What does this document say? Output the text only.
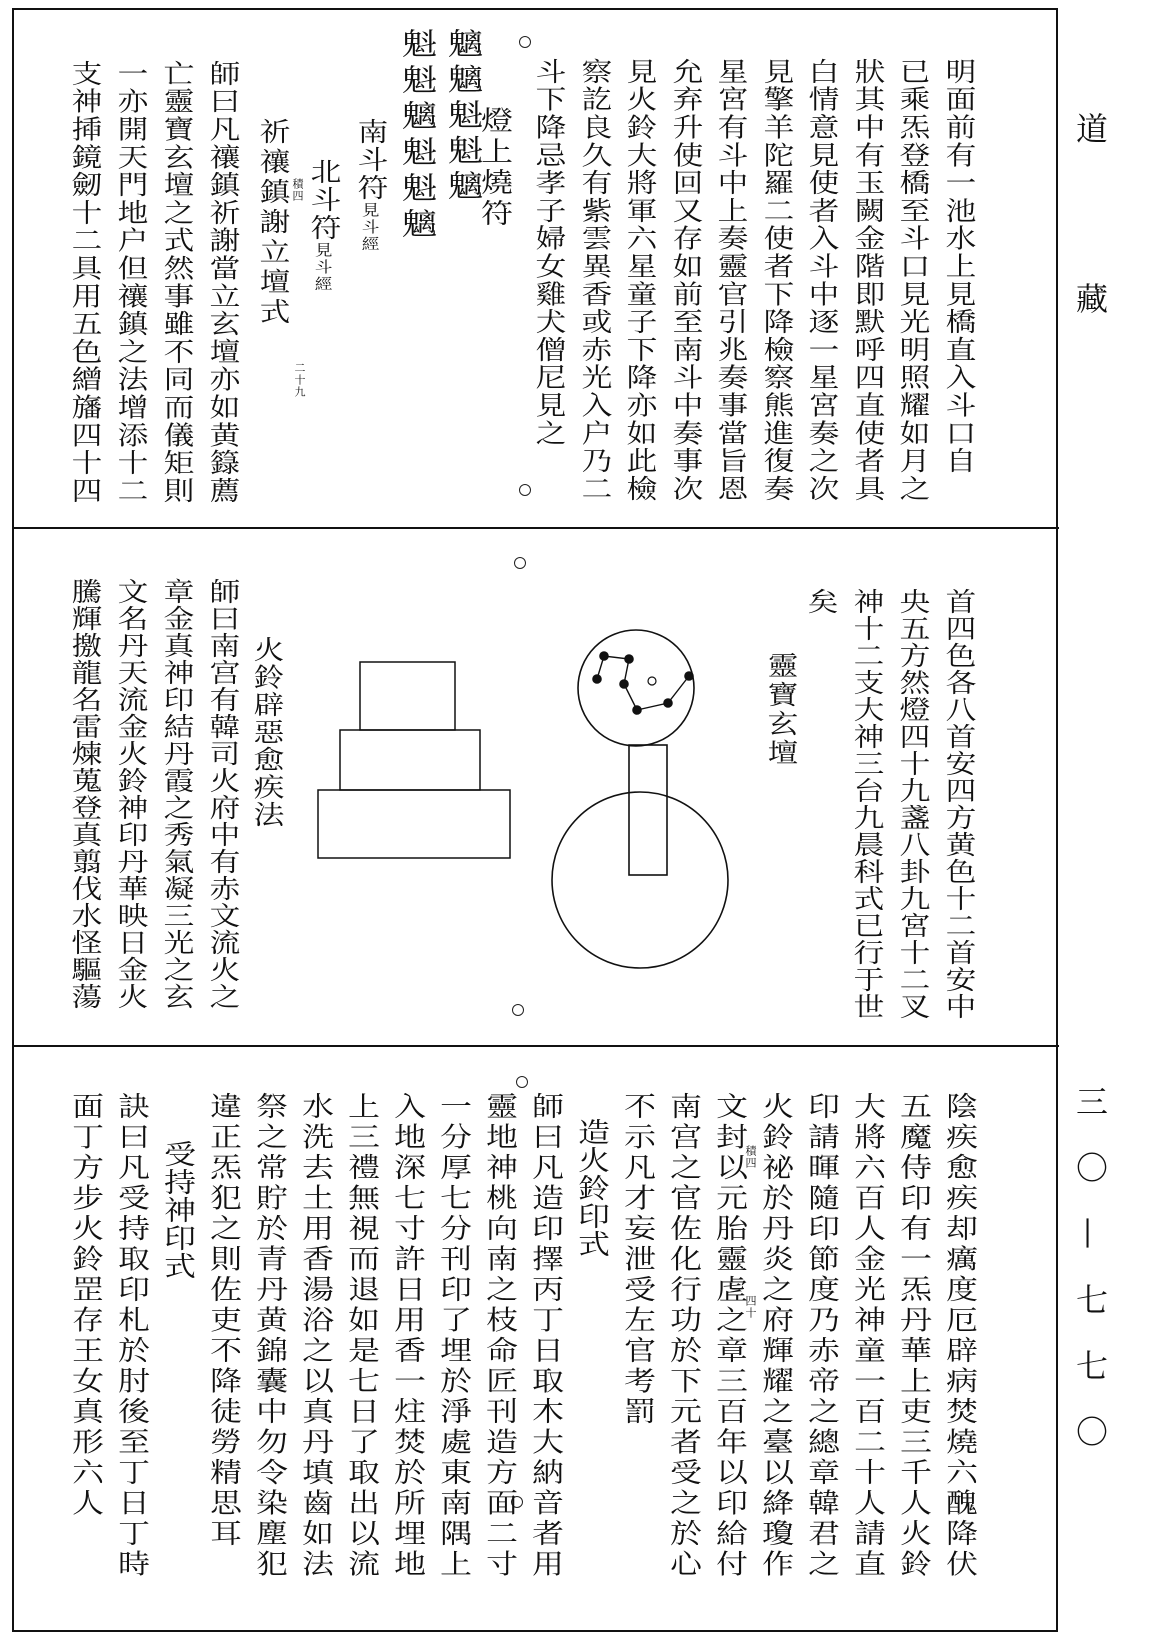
道
藏
三〇—七七〇
明面前有一池水上見橋直入斗口自
已乘炁登橋至斗口見光明照耀如月之
狀其中有玉闕金階即默呼四直使者具
白情意見使者入斗中逐一星宮奏之次
見擎羊陀羅二使者下降檢察熊進復奏
星宮有斗中上奏靈官引兆奏事當旨恩
允弃升使回又存如前至南斗中奏事次
見火鈴大將軍六星童子下降亦如此檢
察訖良久有紫雲異香或赤光入户乃二
斗下降忌孝子婦女雞犬僧尼見之
燈上燒符
魑魑魁魁魑
魁魁魑魁魁魑
南斗符見斗經
北斗符見斗經
積四
二十九
祈禳鎮謝立壇式
師曰凡禳鎮祈謝當立玄壇亦如黄籙薦
亡靈寶玄壇之式然事雖不同而儀矩則
一亦開天門地户但禳鎮之法增添十二
支神揷鏡劒十二具用五色繒旛四十四
首四色各八首安四方黄色十二首安中
央五方然燈四十九盞八卦九宮十二叉
神十二支大神三台九晨科式已行于世
矣
靈寶玄壇
火鈴辟惡愈疾法
師曰南宫有韓司火府中有赤文流火之
章金真神印結丹霞之秀氣凝三光之玄
文名丹天流金火鈴神印丹華映日金火
騰輝撽龍名雷煉蒐登真翦伐水怪驅蕩
陰疾愈疾却癘度厄辟病焚燒六醜降伏
五魔侍印有一炁丹華上吏三千人火鈴
大將六百人金光神童一百二十人請直
印請暉隨印節度乃赤帝之總章韓君之
火鈴祕於丹炎之府輝耀之臺以絳瓊作
積四
四十
文封以元胎靈虗之章三百年以印給付
南宫之官佐化行功於下元者受之於心
不示凡才妄泄受左官考罰
造火鈴印式
師曰凡造印擇丙丁日取木大納音者用
靈地神桃向南之枝命匠刊造方面二寸
一分厚七分刊印了埋於淨處東南隅上
入地深七寸許日用香一炷焚於所埋地
上三禮無視而退如是七日了取出以流
水洗去土用香湯浴之以真丹填齒如法
祭之常貯於青丹黄錦囊中勿令染塵犯
違正炁犯之則佐吏不降徒勞精思耳
受持神印式
訣曰凡受持取印札於肘後至丁日丁時
面丁方步火鈴罡存王女真形六人
